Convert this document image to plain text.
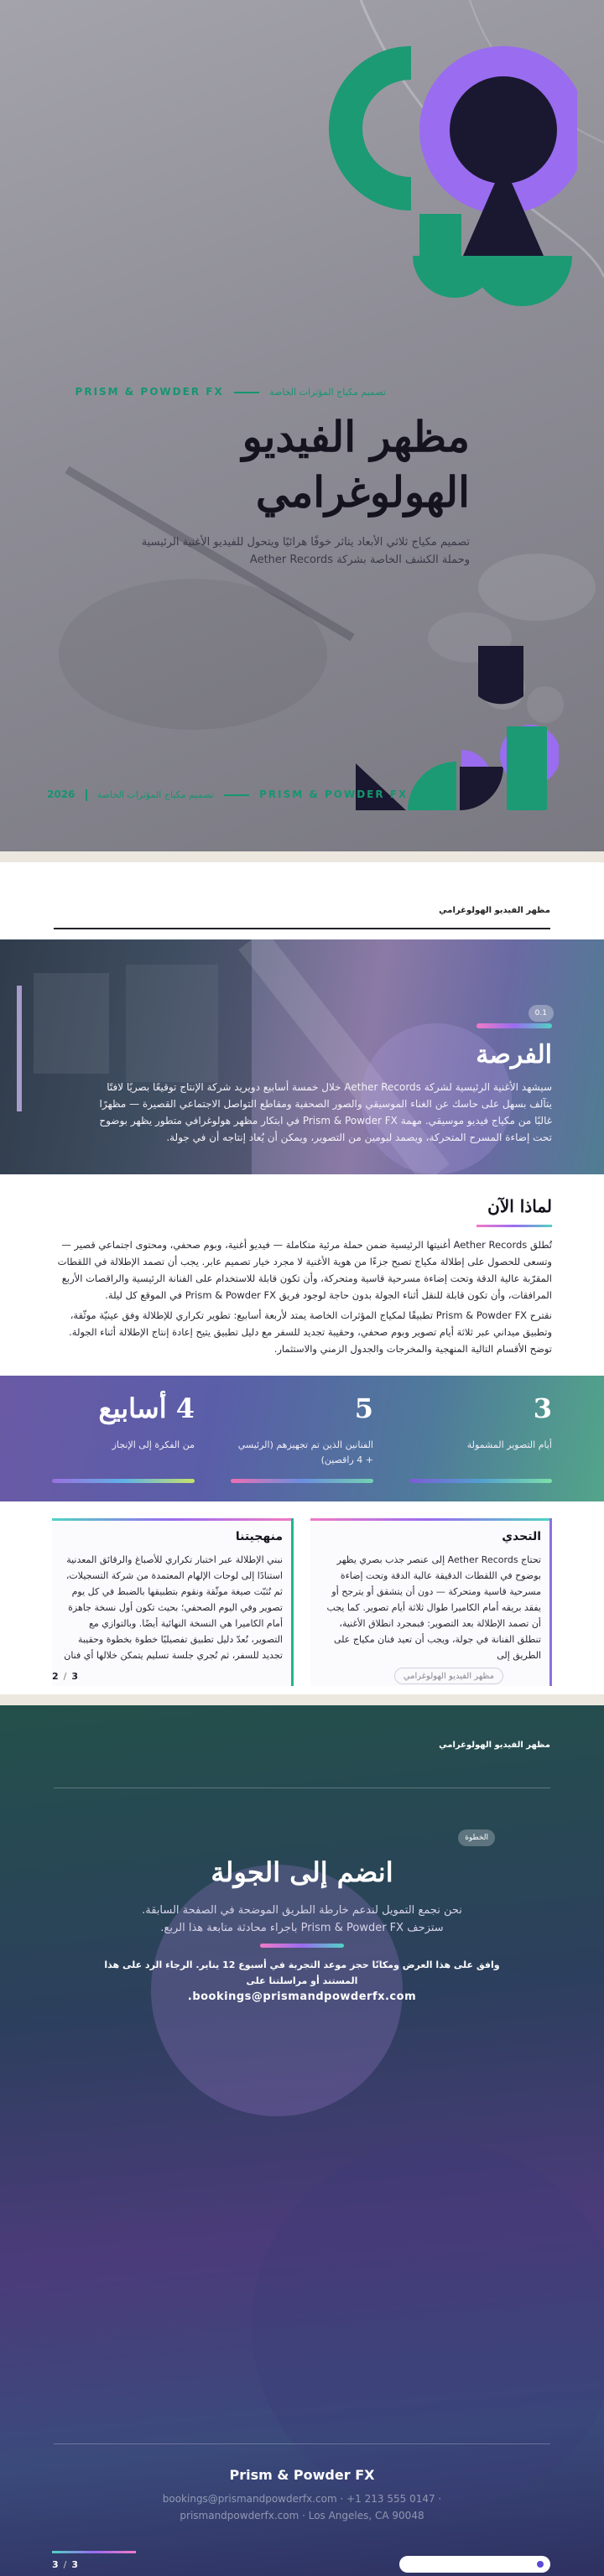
تصميم مكياج المؤثرات الخاصة  PRISM & POWDER FX
مظهر الفيديو الهولوغرامي

تصميم مكياج ثلاثي الأبعاد يتاثر خوفًا هرائيًا ويتحول للفيديو الأغنية الرئيسية وحملة الكشف الخاصة بشركة Aether Records

2026 تصميم مكياج المؤثرات الخاصة	PRISM & POWDER FX
مظهر الفيديو الهولوغرامي
0.1
الفرصة

سيشهد الأغنية الرئيسية لشركة Aether Records خلال خمسة أسابيع دويريد شركة الإنتاج توقيعًا بصريًا لافتًا يتآلف بسهل على حاسك عن الغناء الموسيقي والصور الصحفية ومقاطع التواصل الاجتماعي القصيرة — مظهرًا غالبًا من مكياج فيديو موسيقي. مهمة Prism & Powder FX في ابتكار مظهر هولوغرافي متطور يظهر بوضوح تحت إضاءة المسرح المتحركة، ويصمد ليومين من التصوير، ويمكن أن يُعاد إنتاجه أن في جولة.

لماذا الآن

تُطلق Aether Records أغنيتها الرئيسية ضمن حملة مرئية متكاملة — فيديو أغنية، وبوم صحفي، ومحتوى اجتماعي قصير — وتسعى للحصول على إطلالة مكياج تصبح جزءًا من هوية الأغنية لا مجرد خيار تصميم عابر. يجب أن تصمد الإطلالة في اللقطات المقرّبة عالية الدقة وتحت إضاءة مسرحية قاسية ومتحركة، وأن تكون قابلة للاستخدام على الفنانة الرئيسية والراقصات الأربع المرافقات، وأن تكون قابلة للنقل أثناء الجولة بدون حاجة لوجود فريق Prism & Powder FX في الموقع كل ليلة.

نقترح Prism & Powder FX تطبيقًا لمكياج المؤثرات الخاصة يمتد لأربعة أسابيع: تطوير تكراري للإطلالة وفق عينيّة موثّقة، وتطبيق ميداني عبر ثلاثة أيام تصوير وبوم صحفي، وحقيبة تجديد للسفر مع دليل تطبيق يتيح إعادة إنتاج الإطلالة أثناء الجولة. توضح الأقسام التالية المنهجية والمخرجات والجدول الزمني والاستثمار.

3
أيام التصوير المشمولة
5
الفنانين الذين تم تجهيزهم (الرئيسي + 4 راقصين)
4 أسابيع
من الفكرة إلى الإنجاز
التحدي

تحتاج Aether Records إلى عنصر جذب بصري يظهر بوضوح في اللقطات الدقيقة عالية الدقة وتحت إضاءة مسرحية قاسية ومتحركة — دون أن يتشقق أو يترجح أو يفقد بريقه أمام الكاميرا طوال ثلاثة أيام تصوير. كما يجب أن تصمد الإطلالة بعد التصوير: فبمجرد انطلاق الأغنية، تنطلق الفنانة في جولة، ويجب أن تعيد فنان مكياج على الطريق إلى

منهجيتنا

نبني الإطلالة عبر اختبار تكراري للأصباغ والرقائق المعدنية استنادًا إلى لوحات الإلهام المعتمدة من شركة التسجيلات، ثم نُثبّت صيغة موثّقة ونقوم بتطبيقها بالضبط في كل يوم تصوير وفي اليوم الصحفي؛ بحيث تكون أول نسخة جاهزة أمام الكاميرا هي النسخة النهائية أيضًا. وبالتوازي مع التصوير، نُعدّ دليل تطبيق تفصيليًا خطوة بخطوة وحقيبة تجديد للسفر، ثم نُجري جلسة تسليم يتمكن خلالها أي فنان

2 / 3	مظهر الفيديو الهولوغرامي
مظهر الفيديو الهولوغرامي
الخطوة
انضم إلى الجولة

نحن نجمع التمويل لندعم خارطة الطريق الموضحة في الصفحة السابقة. ستزحف Prism & Powder FX باجراء محادثة متابعة هذا الربع.

وافق على هذا العرض ومكانًا حجز موعد التجربة في أسبوع 12 يناير. الرجاء الرد على هذا المستند أو مراسلتنا على
bookings@prismandpowderfx.com.

Prism & Powder FX
bookings@prismandpowderfx.com · +1 213 555 0147 · prismandpowderfx.com · Los Angeles, CA 90048
3 / 3
